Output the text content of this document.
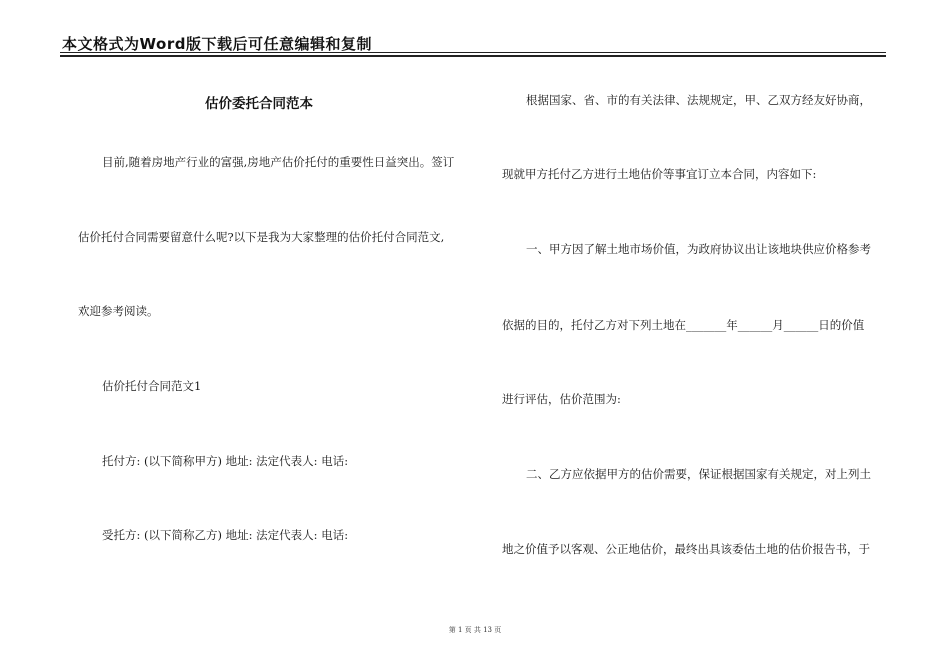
本文格式为Word版下载后可任意编辑和复制
估价委托合同范本
目前,随着房地产行业的富强,房地产估价托付的重要性日益突出。签订
估价托付合同需要留意什么呢?以下是我为大家整理的估价托付合同范文,
欢迎参考阅读。
估价托付合同范文1
托付方: (以下简称甲方) 地址: 法定代表人: 电话:
受托方: (以下简称乙方) 地址: 法定代表人: 电话:
根据国家、省、市的有关法律、法规规定，甲、乙双方经友好协商，
现就甲方托付乙方进行土地估价等事宜订立本合同，内容如下:
一、甲方因了解土地市场价值，为政府协议出让该地块供应价格参考
依据的目的，托付乙方对下列土地在_______年______月______日的价值
进行评估，估价范围为:
二、乙方应依据甲方的估价需要，保证根据国家有关规定，对上列土
地之价值予以客观、公正地估价，最终出具该委估土地的估价报告书，于
第 1 页 共 13 页
